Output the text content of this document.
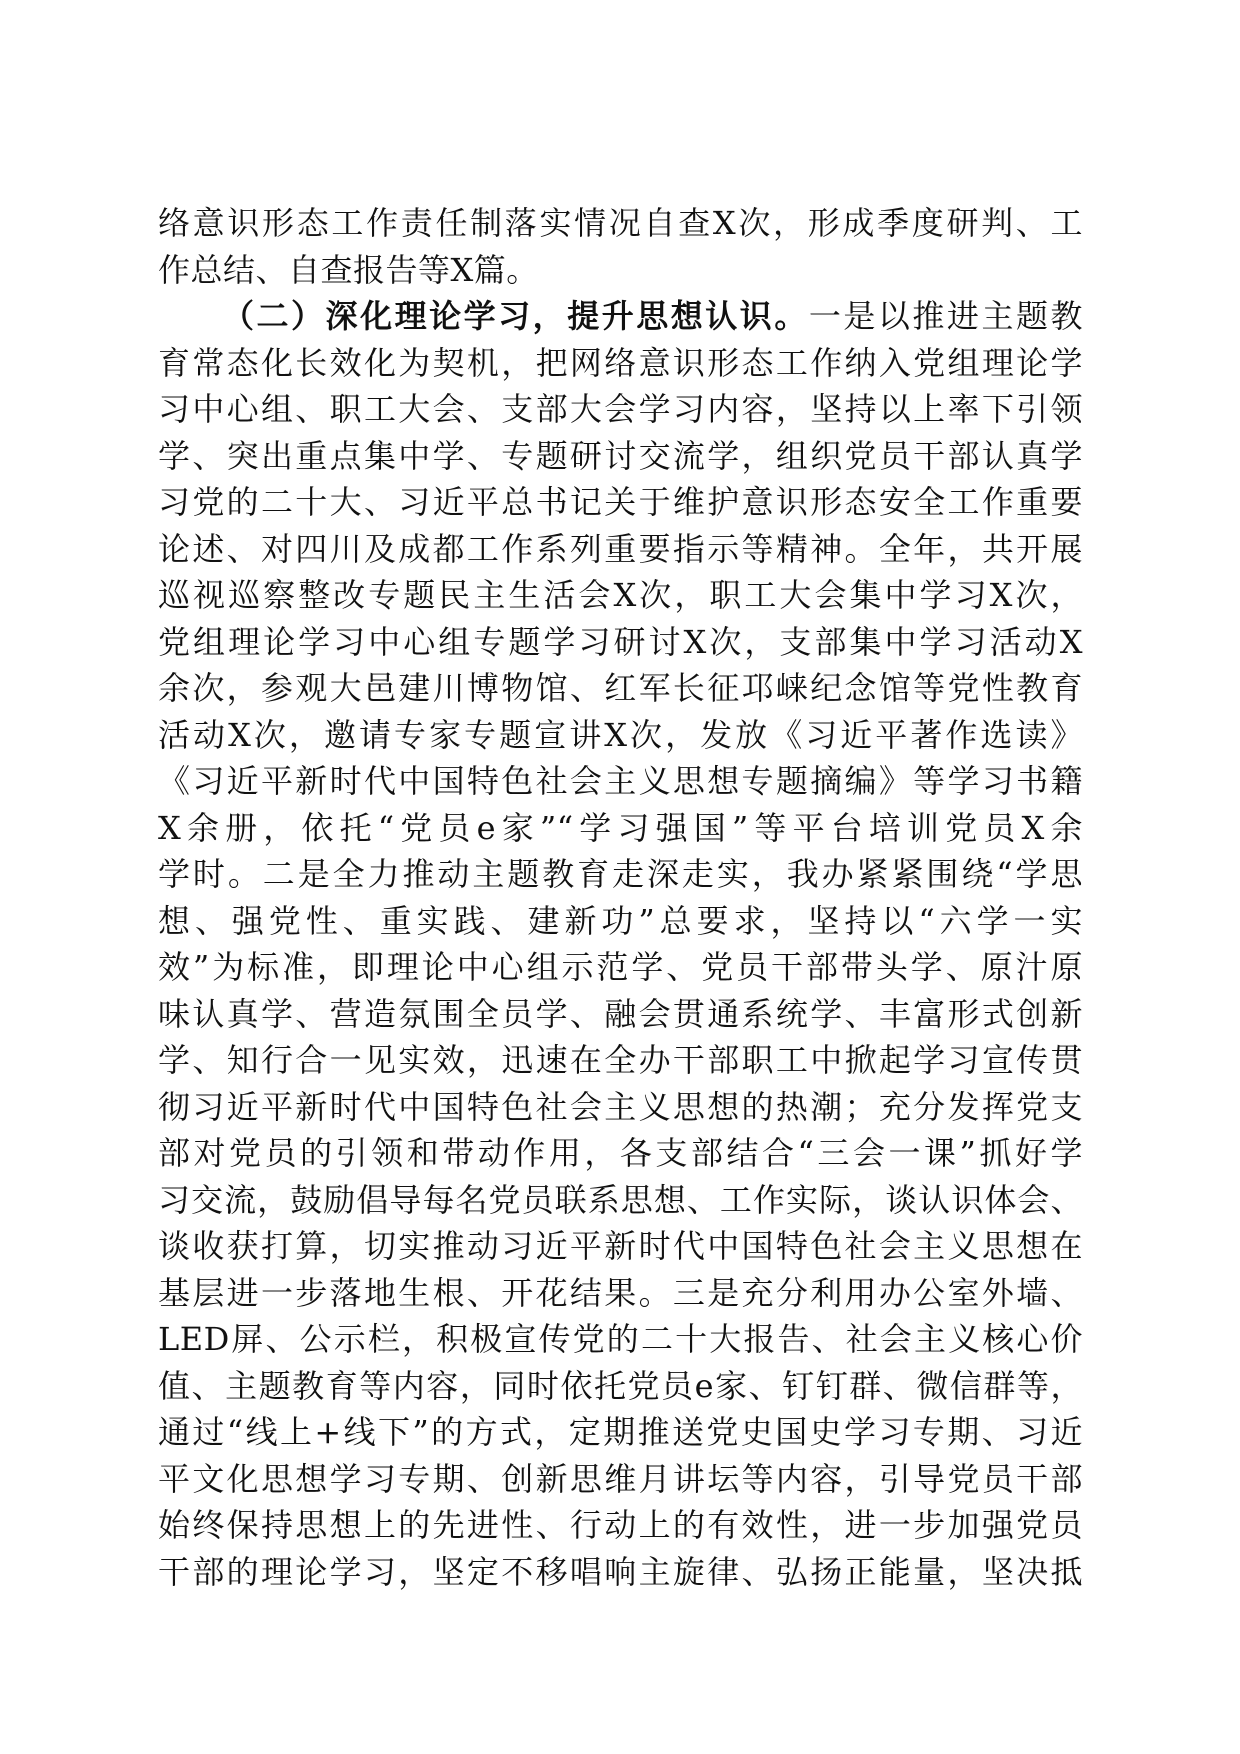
络意识形态工作责任制落实情况自查X次，形成季度研判、工
作总结、自查报告等X篇。
（二）深化理论学习，提升思想认识。一是以推进主题教
育常态化长效化为契机，把网络意识形态工作纳入党组理论学
习中心组、职工大会、支部大会学习内容，坚持以上率下引领
学、突出重点集中学、专题研讨交流学，组织党员干部认真学
习党的二十大、习近平总书记关于维护意识形态安全工作重要
论述、对四川及成都工作系列重要指示等精神。全年，共开展
巡视巡察整改专题民主生活会X次，职工大会集中学习X次，
党组理论学习中心组专题学习研讨X次，支部集中学习活动X
余次，参观大邑建川博物馆、红军长征邛崃纪念馆等党性教育
活动X次，邀请专家专题宣讲X次，发放《习近平著作选读》
《习近平新时代中国特色社会主义思想专题摘编》等学习书籍
X余册，依托“党员e家”“学习强国”等平台培训党员X余
学时。二是全力推动主题教育走深走实，我办紧紧围绕“学思
想、强党性、重实践、建新功”总要求，坚持以“六学一实
效”为标准，即理论中心组示范学、党员干部带头学、原汁原
味认真学、营造氛围全员学、融会贯通系统学、丰富形式创新
学、知行合一见实效，迅速在全办干部职工中掀起学习宣传贯
彻习近平新时代中国特色社会主义思想的热潮；充分发挥党支
部对党员的引领和带动作用，各支部结合“三会一课”抓好学
习交流，鼓励倡导每名党员联系思想、工作实际，谈认识体会、
谈收获打算，切实推动习近平新时代中国特色社会主义思想在
基层进一步落地生根、开花结果。三是充分利用办公室外墙、
LED屏、公示栏，积极宣传党的二十大报告、社会主义核心价
值、主题教育等内容，同时依托党员e家、钉钉群、微信群等，
通过“线上+线下”的方式，定期推送党史国史学习专期、习近
平文化思想学习专期、创新思维月讲坛等内容，引导党员干部
始终保持思想上的先进性、行动上的有效性，进一步加强党员
干部的理论学习，坚定不移唱响主旋律、弘扬正能量，坚决抵
